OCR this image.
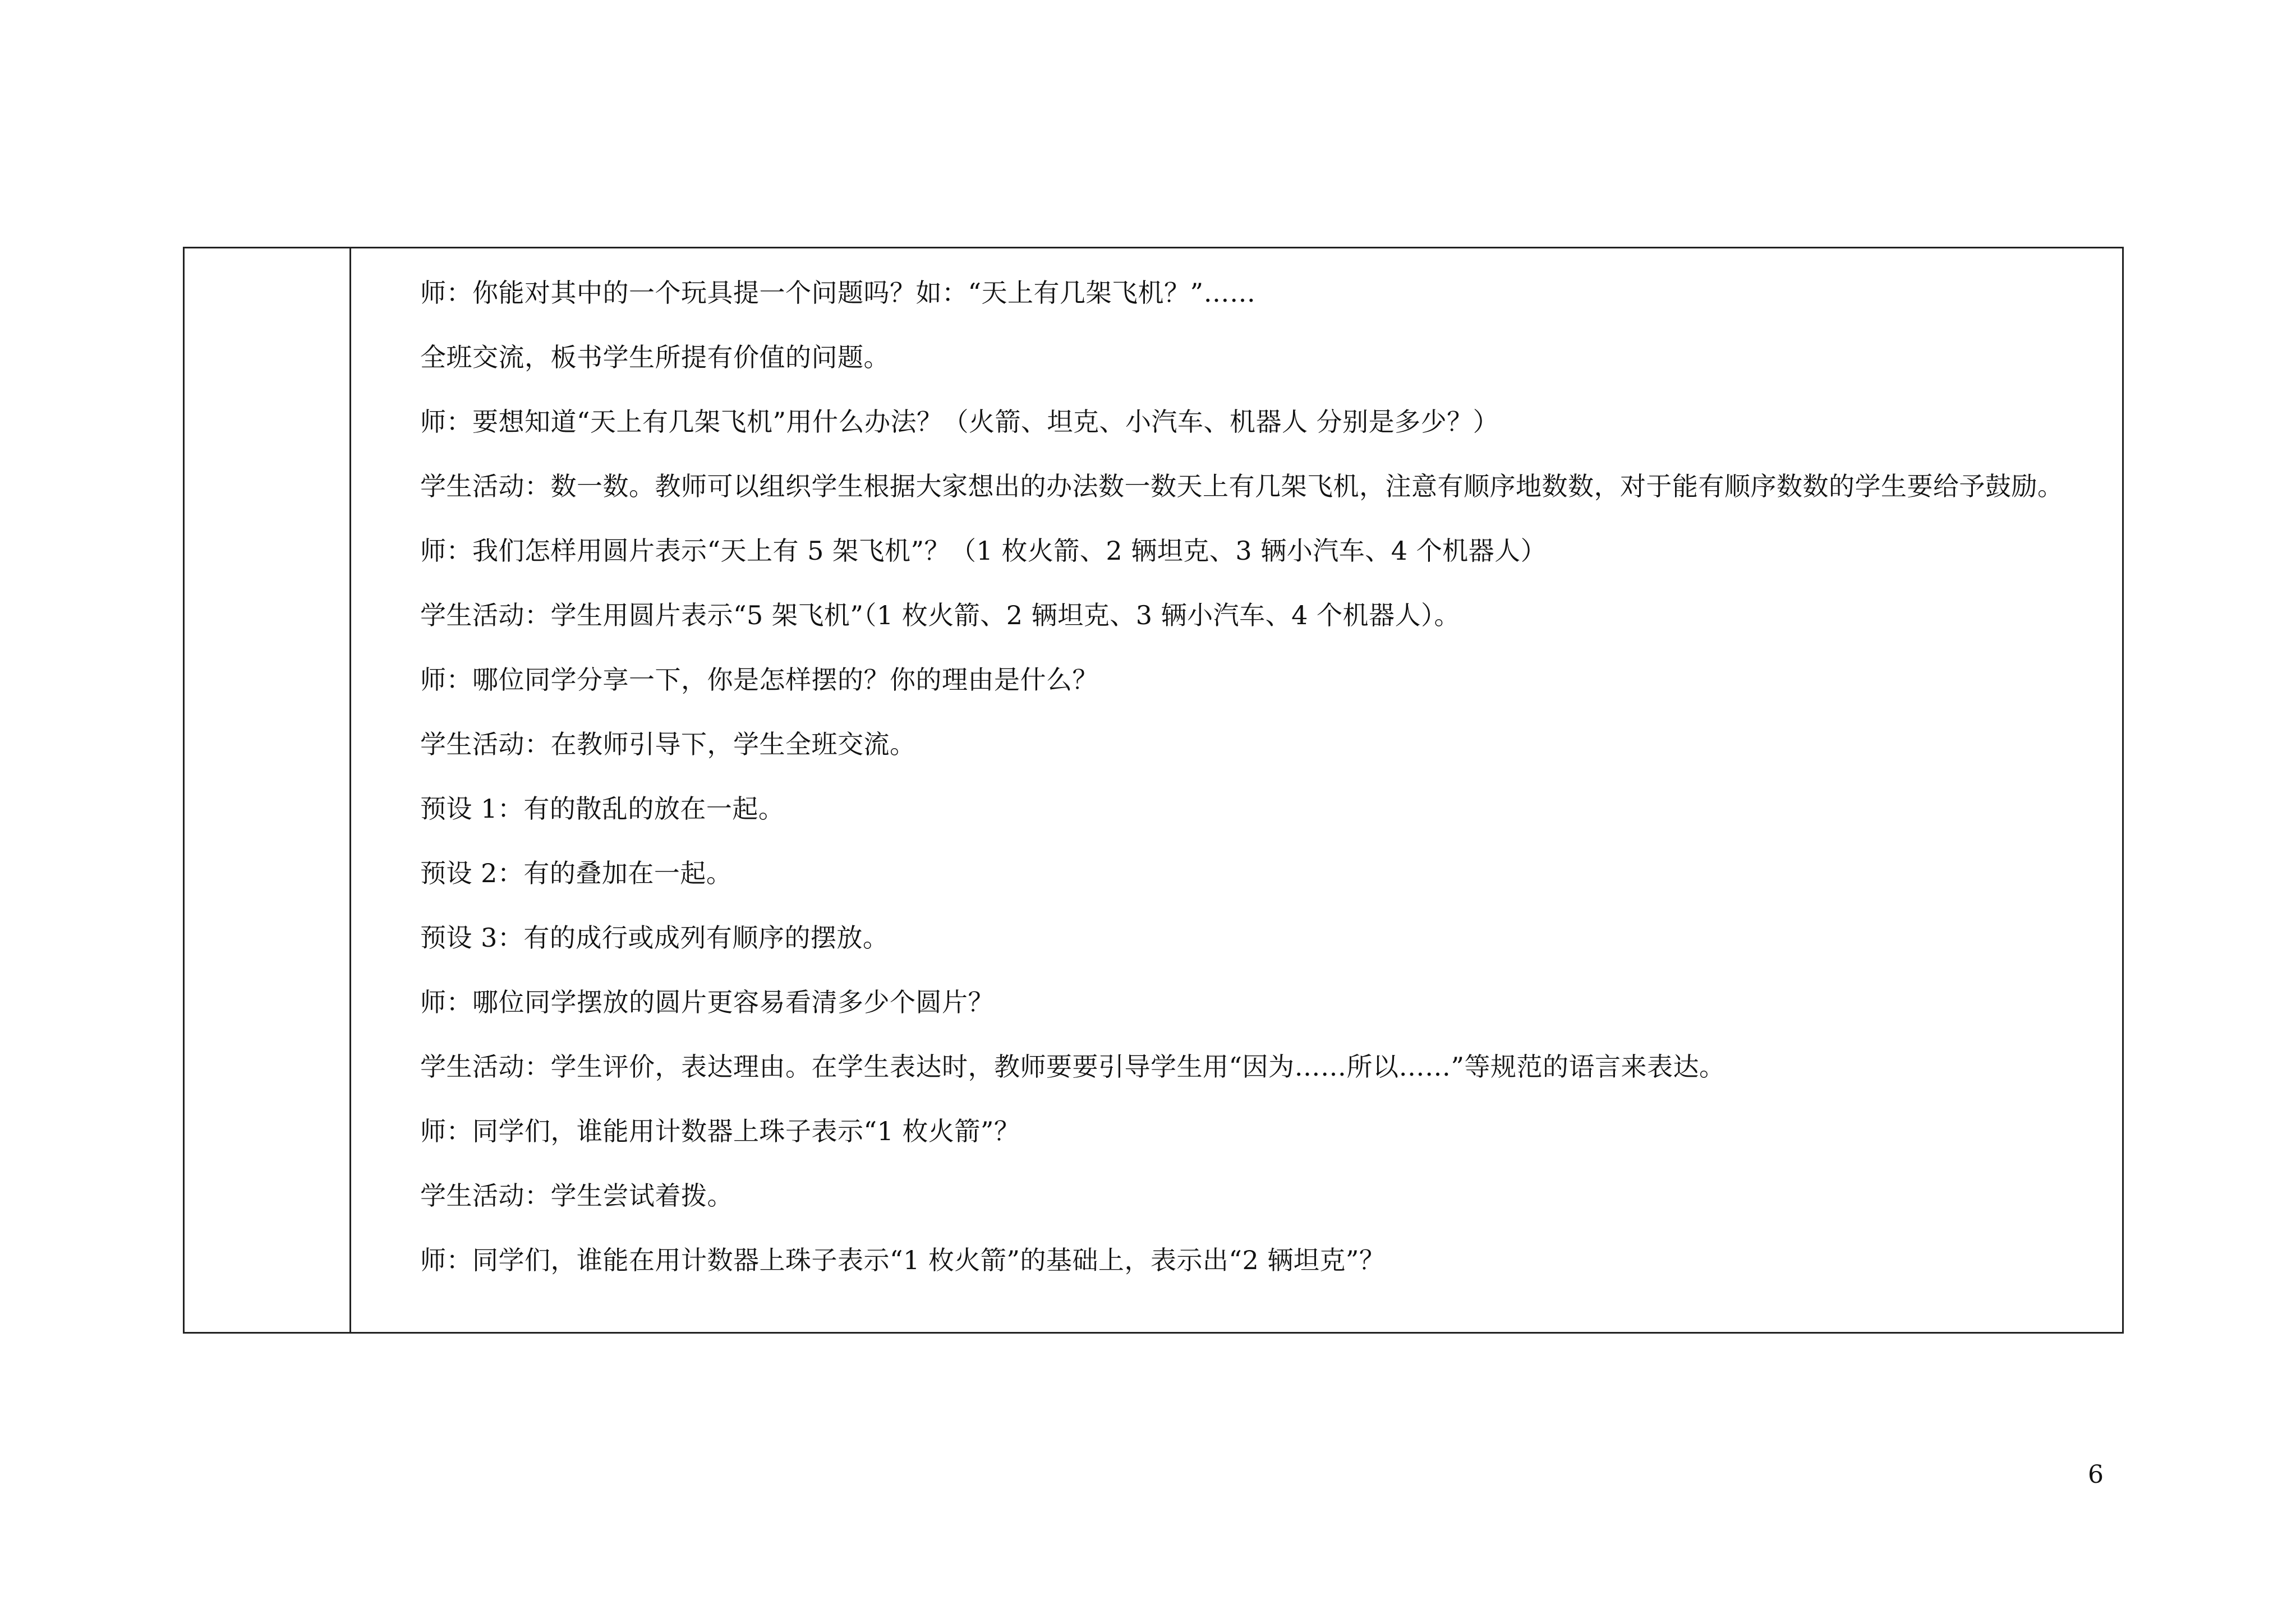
师：你能对其中的一个玩具提一个问题吗？如：“天上有几架飞机？”……

全班交流，板书学生所提有价值的问题。

师：要想知道“天上有几架飞机”用什么办法？（火箭、坦克、小汽车、机器人 分别是多少？）

学生活动：数一数。教师可以组织学生根据大家想出的办法数一数天上有几架飞机，注意有顺序地数数，对于能有顺序数数的学生要给予鼓励。

师：我们怎样用圆片表示“天上有 5 架飞机”？（1 枚火箭、2 辆坦克、3 辆小汽车、4 个机器人）

学生活动：学生用圆片表示“5 架飞机”（1 枚火箭、2 辆坦克、3 辆小汽车、4 个机器人）。

师：哪位同学分享一下，你是怎样摆的？你的理由是什么？

学生活动：在教师引导下，学生全班交流。

预设 1：有的散乱的放在一起。

预设 2：有的叠加在一起。

预设 3：有的成行或成列有顺序的摆放。

师：哪位同学摆放的圆片更容易看清多少个圆片？

学生活动：学生评价，表达理由。在学生表达时，教师要要引导学生用“因为……所以……”等规范的语言来表达。

师：同学们，谁能用计数器上珠子表示“1 枚火箭”？

学生活动：学生尝试着拨。

师：同学们，谁能在用计数器上珠子表示“1 枚火箭”的基础上，表示出“2 辆坦克”？

6
